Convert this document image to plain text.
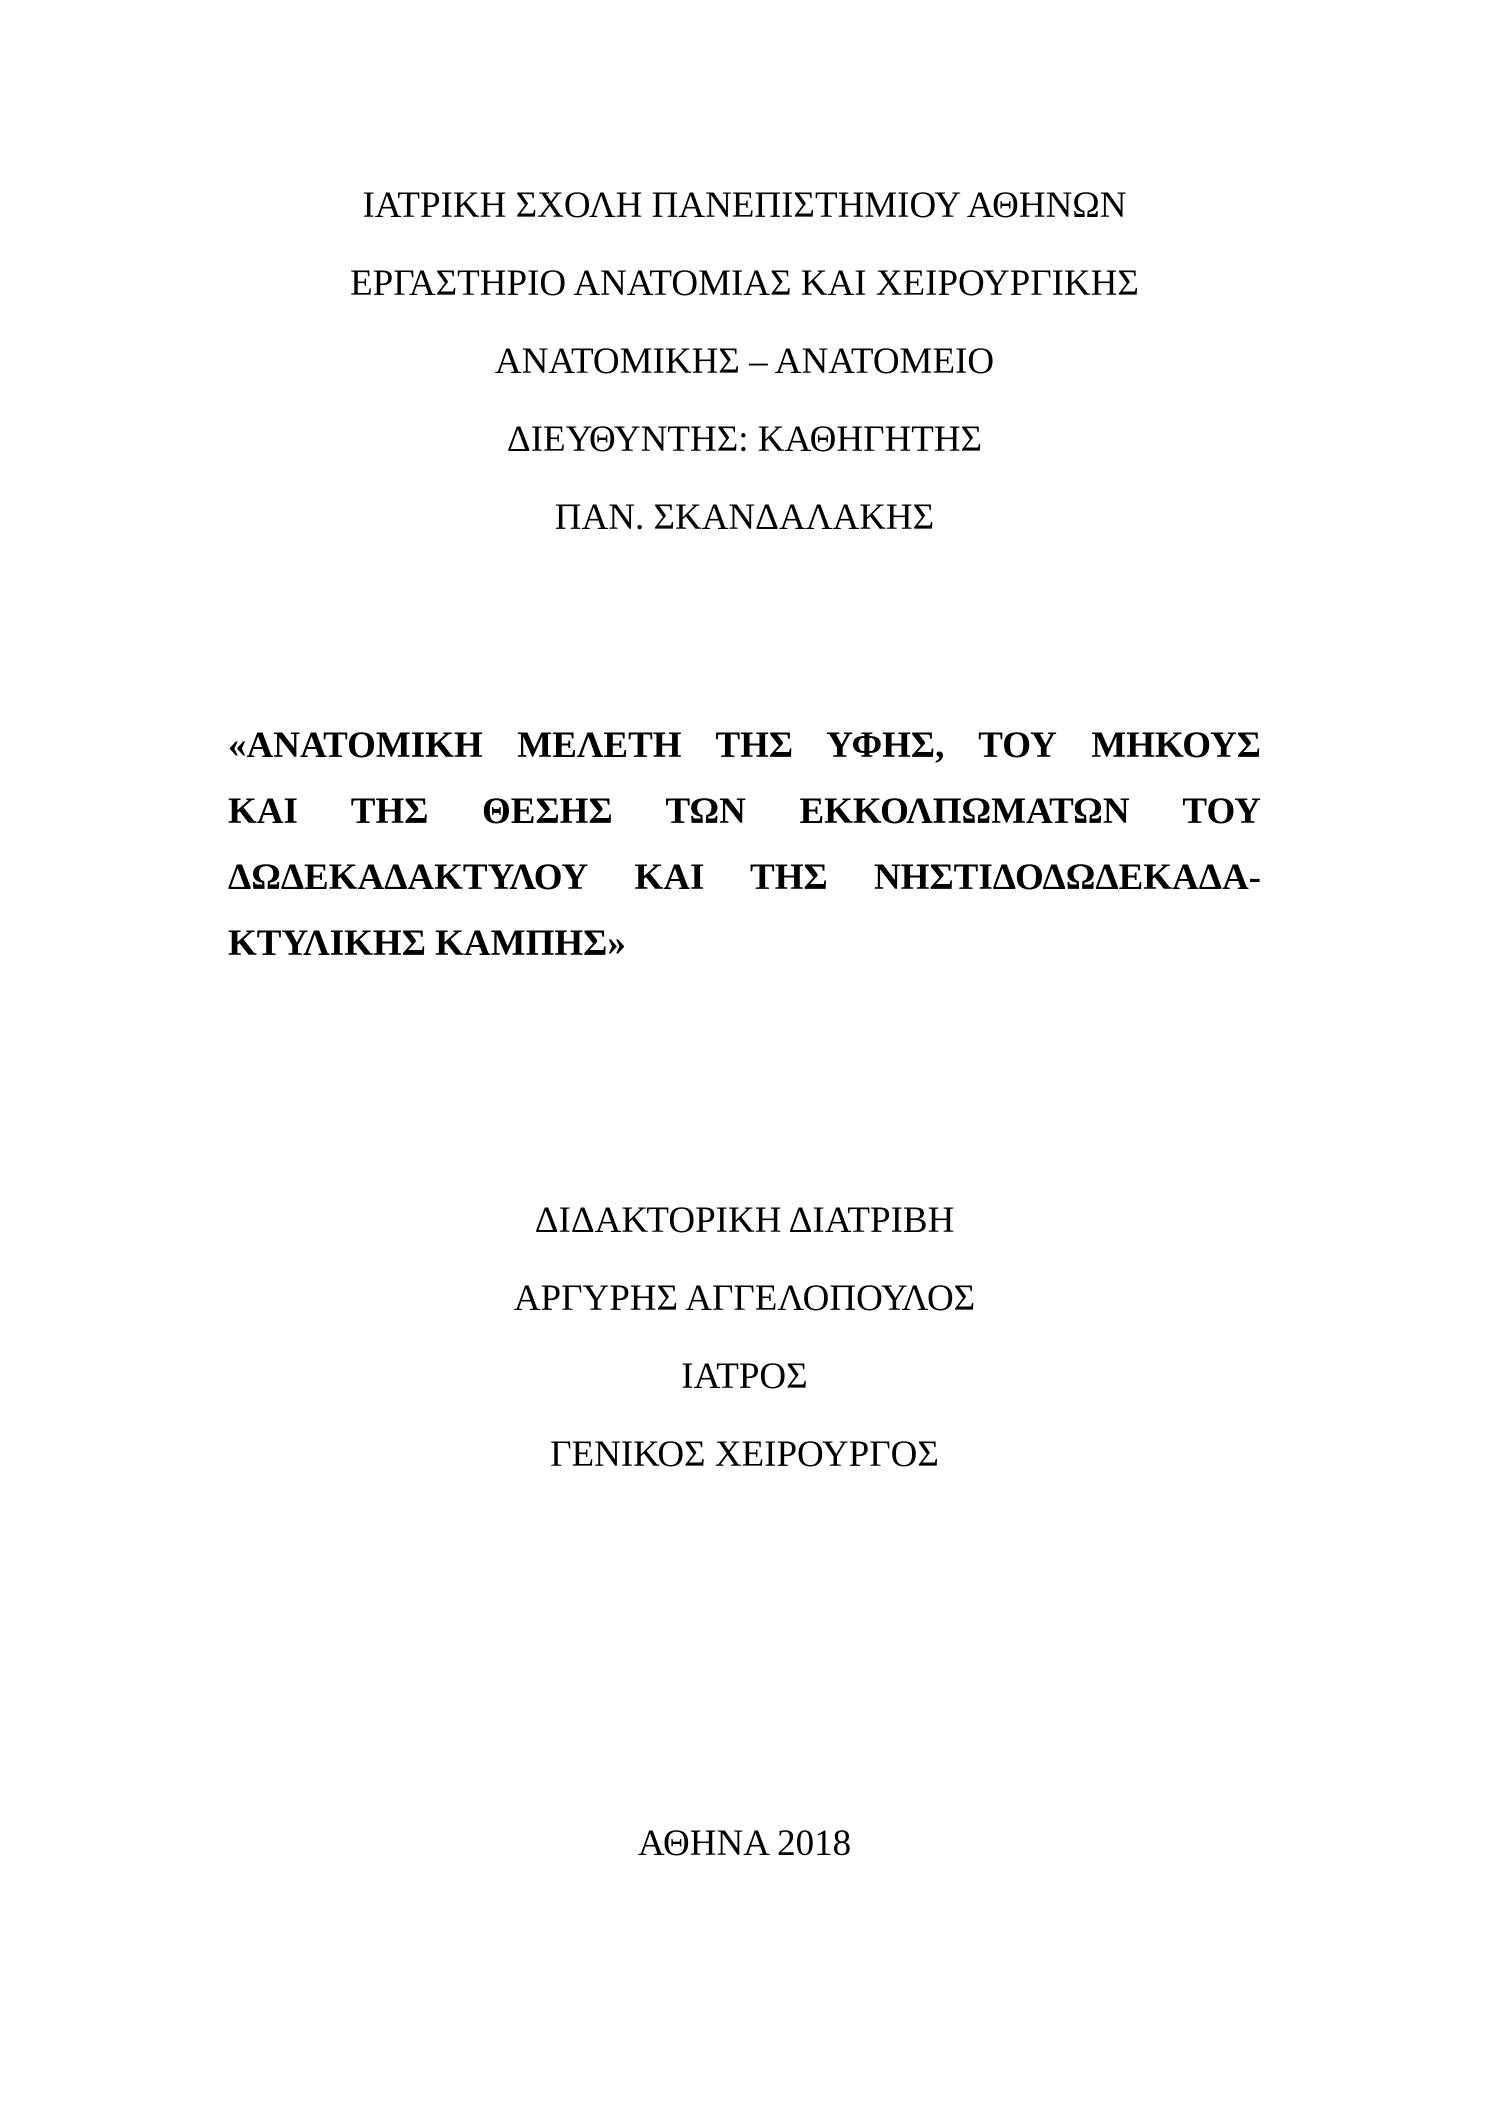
ΙΑΤΡΙΚΗ ΣΧΟΛΗ ΠΑΝΕΠΙΣΤΗΜΙΟΥ ΑΘΗΝΩΝ
ΕΡΓΑΣΤΗΡΙΟ ΑΝΑΤΟΜΙΑΣ ΚΑΙ ΧΕΙΡΟΥΡΓΙΚΗΣ
ΑΝΑΤΟΜΙΚΗΣ – ΑΝΑΤΟΜΕΙΟ
ΔΙΕΥΘΥΝΤΗΣ: ΚΑΘΗΓΗΤΗΣ
ΠΑΝ. ΣΚΑΝΔΑΛΑΚΗΣ
«ΑΝΑΤΟΜΙΚΗ ΜΕΛΕΤΗ ΤΗΣ ΥΦΗΣ, ΤΟΥ ΜΗΚΟΥΣ
ΚΑΙ ΤΗΣ ΘΕΣΗΣ ΤΩΝ ΕΚΚΟΛΠΩΜΑΤΩΝ ΤΟΥ
ΔΩΔΕΚΑΔΑΚΤΥΛΟΥ ΚΑΙ ΤΗΣ ΝΗΣΤΙΔΟΔΩΔΕΚΑΔΑ-
ΚΤΥΛΙΚΗΣ ΚΑΜΠΗΣ»
ΔΙΔΑΚΤΟΡΙΚΗ ΔΙΑΤΡΙΒΗ
ΑΡΓΥΡΗΣ ΑΓΓΕΛΟΠΟΥΛΟΣ
ΙΑΤΡΟΣ
ΓΕΝΙΚΟΣ ΧΕΙΡΟΥΡΓΟΣ
ΑΘΗΝΑ 2018
